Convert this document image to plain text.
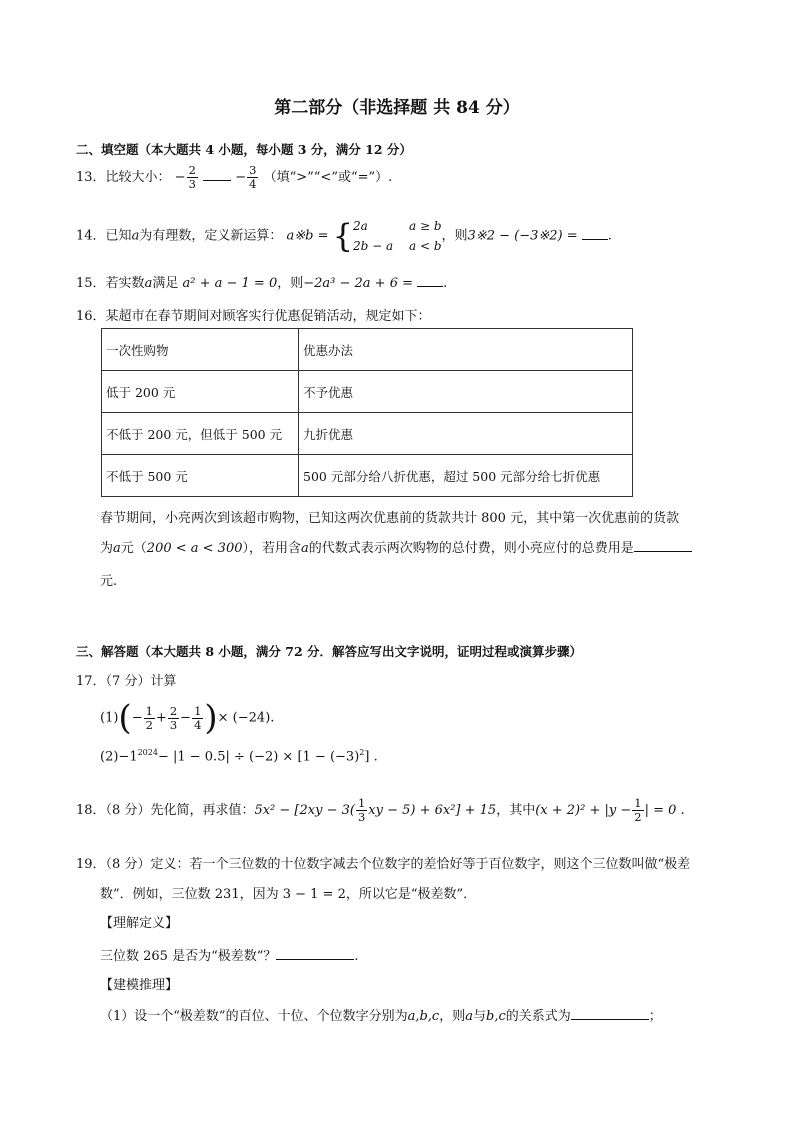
第二部分（非选择题 共 84 分）
二、填空题（本大题共 4 小题，每小题 3 分，满分 12 分）
13．比较大小： − $\frac{2}{3}$	− $\frac{3}{4}$ （填“>”“<”或“=”）.
14．已知a为有理数，定义新运算： a※b = { 2a	a ≥ b
2b − a a < b
，则3※2 − (−3※2) = .
15．若实数a满足 a² + a − 1 = 0，则−2a³ − 2a + 6 = .
16．某超市在春节期间对顾客实行优惠促销活动，规定如下：
一次性购物	优惠办法
低于 200 元	不予优惠
不低于 200 元，但低于 500 元	九折优惠
不低于 500 元	500 元部分给八折优惠，超过 500 元部分给七折优惠
春节期间，小亮两次到该超市购物，已知这两次优惠前的货款共计 800 元，其中第一次优惠前的货款
为a元（200 < a < 300），若用含a的代数式表示两次购物的总付费，则小亮应付的总费用是
元.
三、解答题（本大题共 8 小题，满分 72 分．解答应写出文字说明，证明过程或演算步骤）
17．（7 分）计算
$(1)(- \frac{1}{2} + \frac{2}{3} - \frac{1}{4}$ )× (−24).
$(2)-1^{2024}- |1 - 0.5| \div (-2) \times [1 - (-3)^2]$ .
18．（8 分）先化简，再求值：$5x^2 - [2xy - 3( \frac{1}{3}$ xy − 5) + 6x²] + 15，其中$(x + 2)^2 + |y - \frac{1}{2}$ | = 0 .
19．（8 分）定义：若一个三位数的十位数字减去个位数字的差恰好等于百位数字，则这个三位数叫做“极差
数”．例如，三位数 231，因为 3 − 1 = 2，所以它是“极差数”．
【理解定义】
三位数 265 是否为“极差数”？	.
【建模推理】
（1）设一个“极差数”的百位、十位、个位数字分别为a,b,c，则a与b,c的关系式为	；
